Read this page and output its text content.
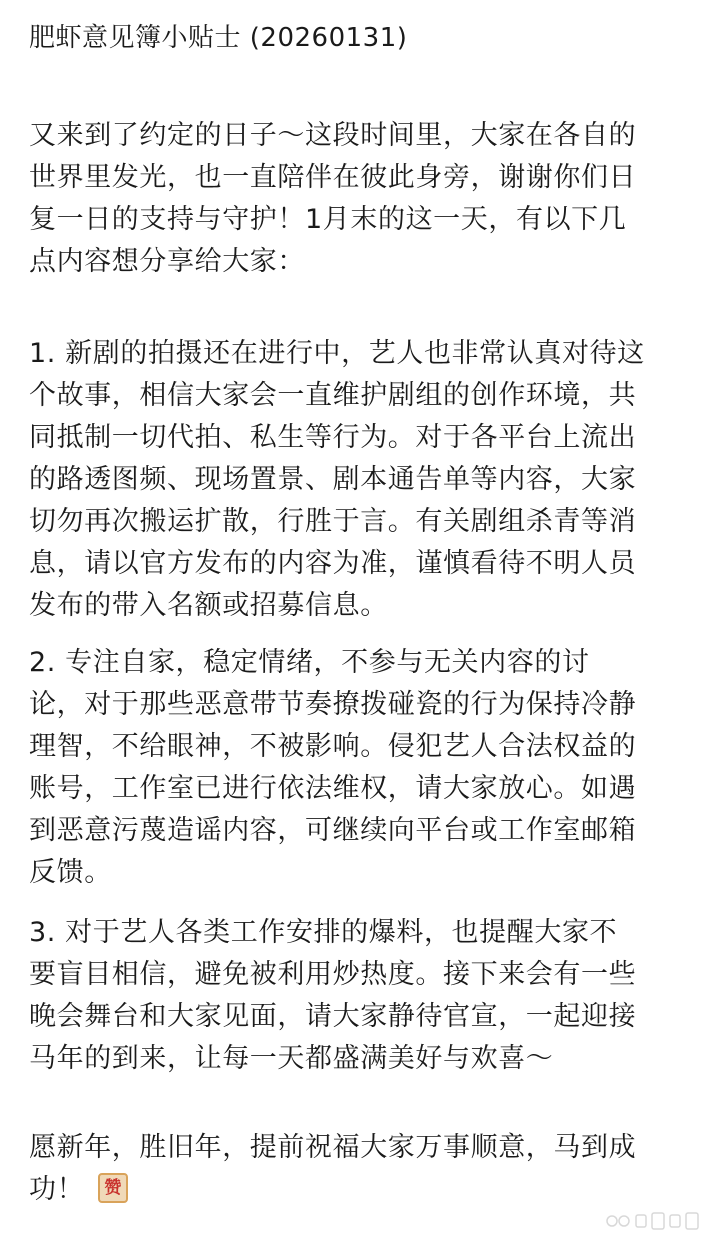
肥虾意见簿小贴士 (20260131)
又来到了约定的日子～这段时间里，大家在各自的
世界里发光，也一直陪伴在彼此身旁，谢谢你们日
复一日的支持与守护！1月末的这一天，有以下几
点内容想分享给大家：
1. 新剧的拍摄还在进行中，艺人也非常认真对待这
个故事，相信大家会一直维护剧组的创作环境，共
同抵制一切代拍、私生等行为。对于各平台上流出
的路透图频、现场置景、剧本通告单等内容，大家
切勿再次搬运扩散，行胜于言。有关剧组杀青等消
息，请以官方发布的内容为准，谨慎看待不明人员
发布的带入名额或招募信息。
2. 专注自家，稳定情绪，不参与无关内容的讨
论，对于那些恶意带节奏撩拨碰瓷的行为保持冷静
理智，不给眼神，不被影响。侵犯艺人合法权益的
账号，工作室已进行依法维权，请大家放心。如遇
到恶意污蔑造谣内容，可继续向平台或工作室邮箱
反馈。
3. 对于艺人各类工作安排的爆料，也提醒大家不
要盲目相信，避免被利用炒热度。接下来会有一些
晚会舞台和大家见面，请大家静待官宣，一起迎接
马年的到来，让每一天都盛满美好与欢喜～
愿新年，胜旧年，提前祝福大家万事顺意，马到成
功！ 赞
